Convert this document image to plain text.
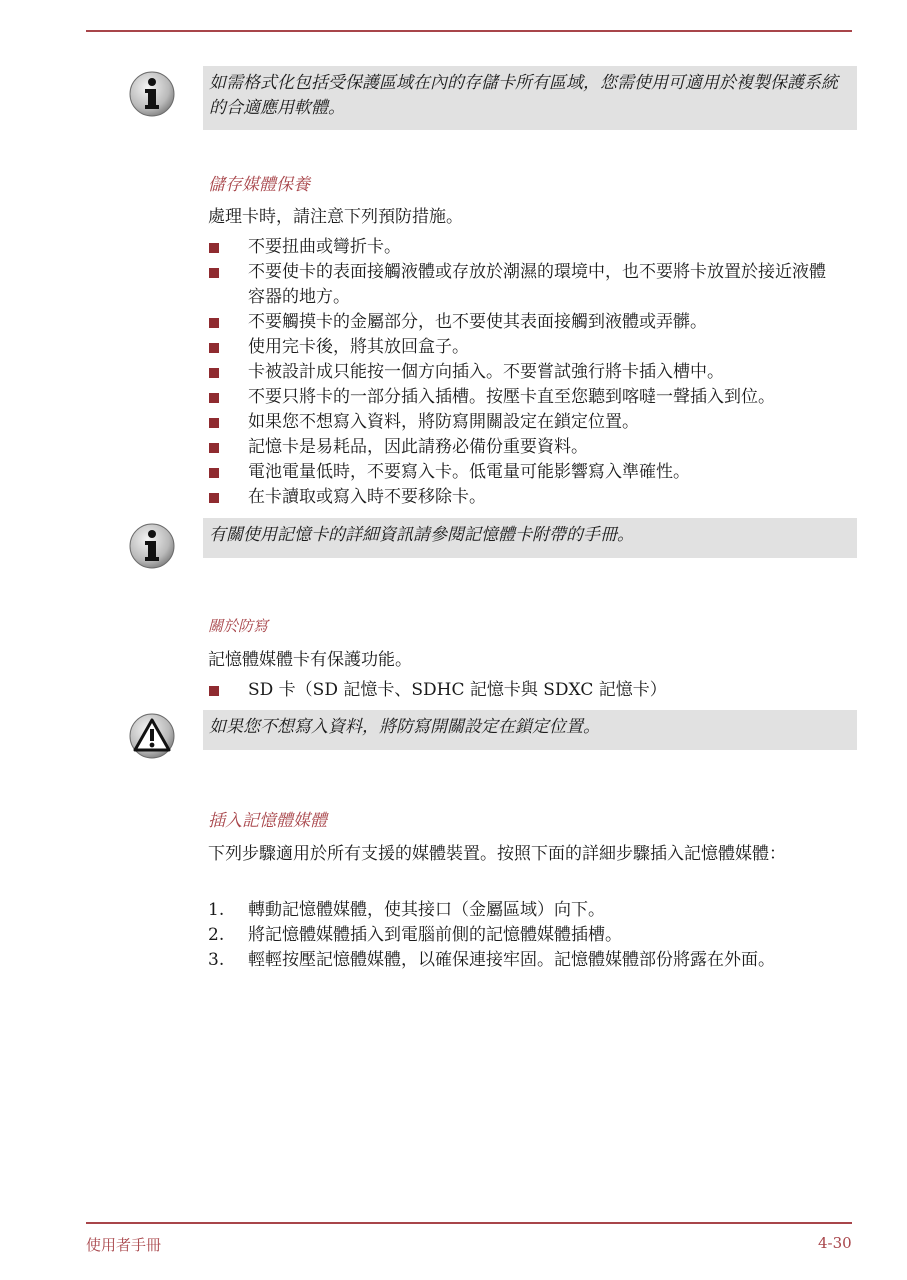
如需格式化包括受保護區域在內的存儲卡所有區域，您需使用可適用於複製保護系統的合適應用軟體。
儲存媒體保養
處理卡時，請注意下列預防措施。
不要扭曲或彎折卡。
不要使卡的表面接觸液體或存放於潮濕的環境中，也不要將卡放置於接近液體容器的地方。
不要觸摸卡的金屬部分，也不要使其表面接觸到液體或弄髒。
使用完卡後，將其放回盒子。
卡被設計成只能按一個方向插入。不要嘗試強行將卡插入槽中。
不要只將卡的一部分插入插槽。按壓卡直至您聽到喀噠一聲插入到位。
如果您不想寫入資料，將防寫開關設定在鎖定位置。
記憶卡是易耗品，因此請務必備份重要資料。
電池電量低時，不要寫入卡。低電量可能影響寫入準確性。
在卡讀取或寫入時不要移除卡。
有關使用記憶卡的詳細資訊請參閱記憶體卡附帶的手冊。
關於防寫
記憶體媒體卡有保護功能。
SD 卡（SD 記憶卡、SDHC 記憶卡與 SDXC 記憶卡）
如果您不想寫入資料，將防寫開關設定在鎖定位置。
插入記憶體媒體
下列步驟適用於所有支援的媒體裝置。按照下面的詳細步驟插入記憶體媒體：
1. 轉動記憶體媒體，使其接口（金屬區域）向下。
2. 將記憶體媒體插入到電腦前側的記憶體媒體插槽。
3. 輕輕按壓記憶體媒體，以確保連接牢固。記憶體媒體部份將露在外面。
使用者手冊	4-30
